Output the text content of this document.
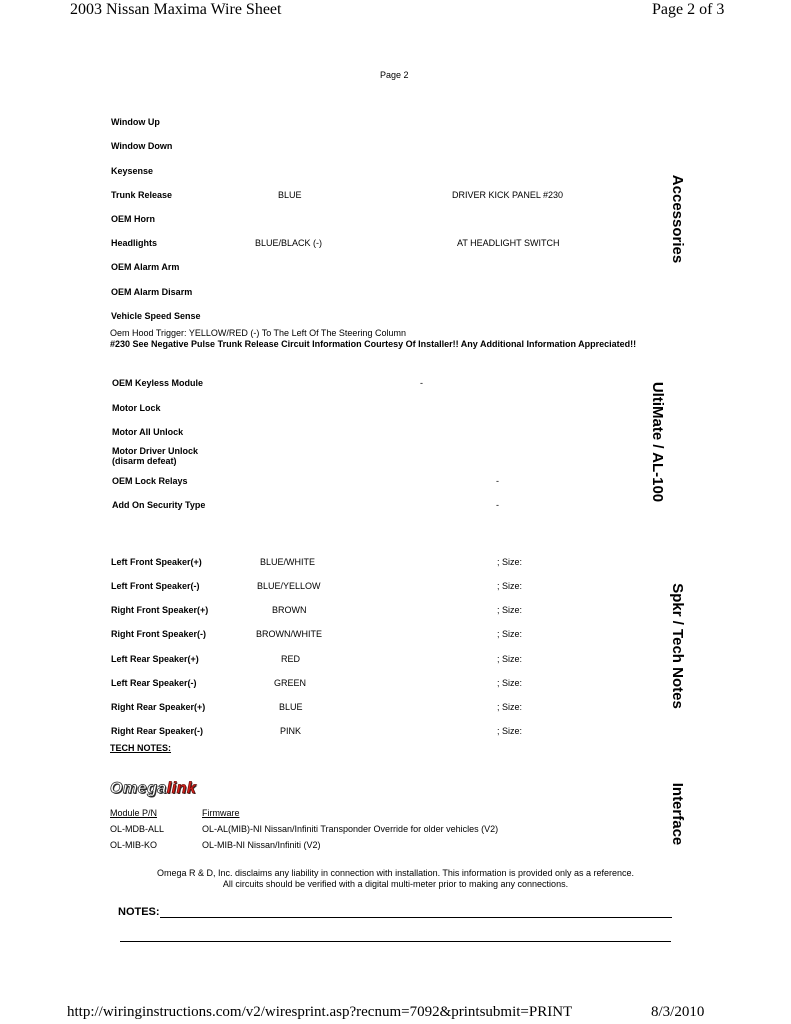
2003 Nissan Maxima Wire Sheet	Page 2 of 3
Page 2
Window Up
Window Down
Keysense
Trunk Release	BLUE	DRIVER KICK PANEL #230
OEM Horn
Headlights	BLUE/BLACK (-)	AT HEADLIGHT SWITCH
OEM Alarm Arm
OEM Alarm Disarm
Vehicle Speed Sense
Oem Hood Trigger: YELLOW/RED (-) To The Left Of The Steering Column
#230 See Negative Pulse Trunk Release Circuit Information Courtesy Of Installer!! Any Additional Information Appreciated!!
Accessories
OEM Keyless Module	-
Motor Lock
Motor All Unlock
Motor Driver Unlock
(disarm defeat)
OEM Lock Relays	-
Add On Security Type	-
UltiMate / AL-100
Left Front Speaker(+)	BLUE/WHITE	; Size:
Left Front Speaker(-)	BLUE/YELLOW	; Size:
Right Front Speaker(+)	BROWN	; Size:
Right Front Speaker(-)	BROWN/WHITE	; Size:
Left Rear Speaker(+)	RED	; Size:
Left Rear Speaker(-)	GREEN	; Size:
Right Rear Speaker(+)	BLUE	; Size:
Right Rear Speaker(-)	PINK	; Size:
TECH NOTES:
Spkr / Tech Notes
Omegalink
Module P/N	Firmware
OL-MDB-ALL	OL-AL(MIB)-NI Nissan/Infiniti Transponder Override for older vehicles (V2)
OL-MIB-KO	OL-MIB-NI Nissan/Infiniti (V2)	Interface
Omega R & D, Inc. disclaims any liability in connection with installation. This information is provided only as a reference.
All circuits should be verified with a digital multi-meter prior to making any connections.
NOTES:
http://wiringinstructions.com/v2/wiresprint.asp?recnum=7092&printsubmit=PRINT	8/3/2010
